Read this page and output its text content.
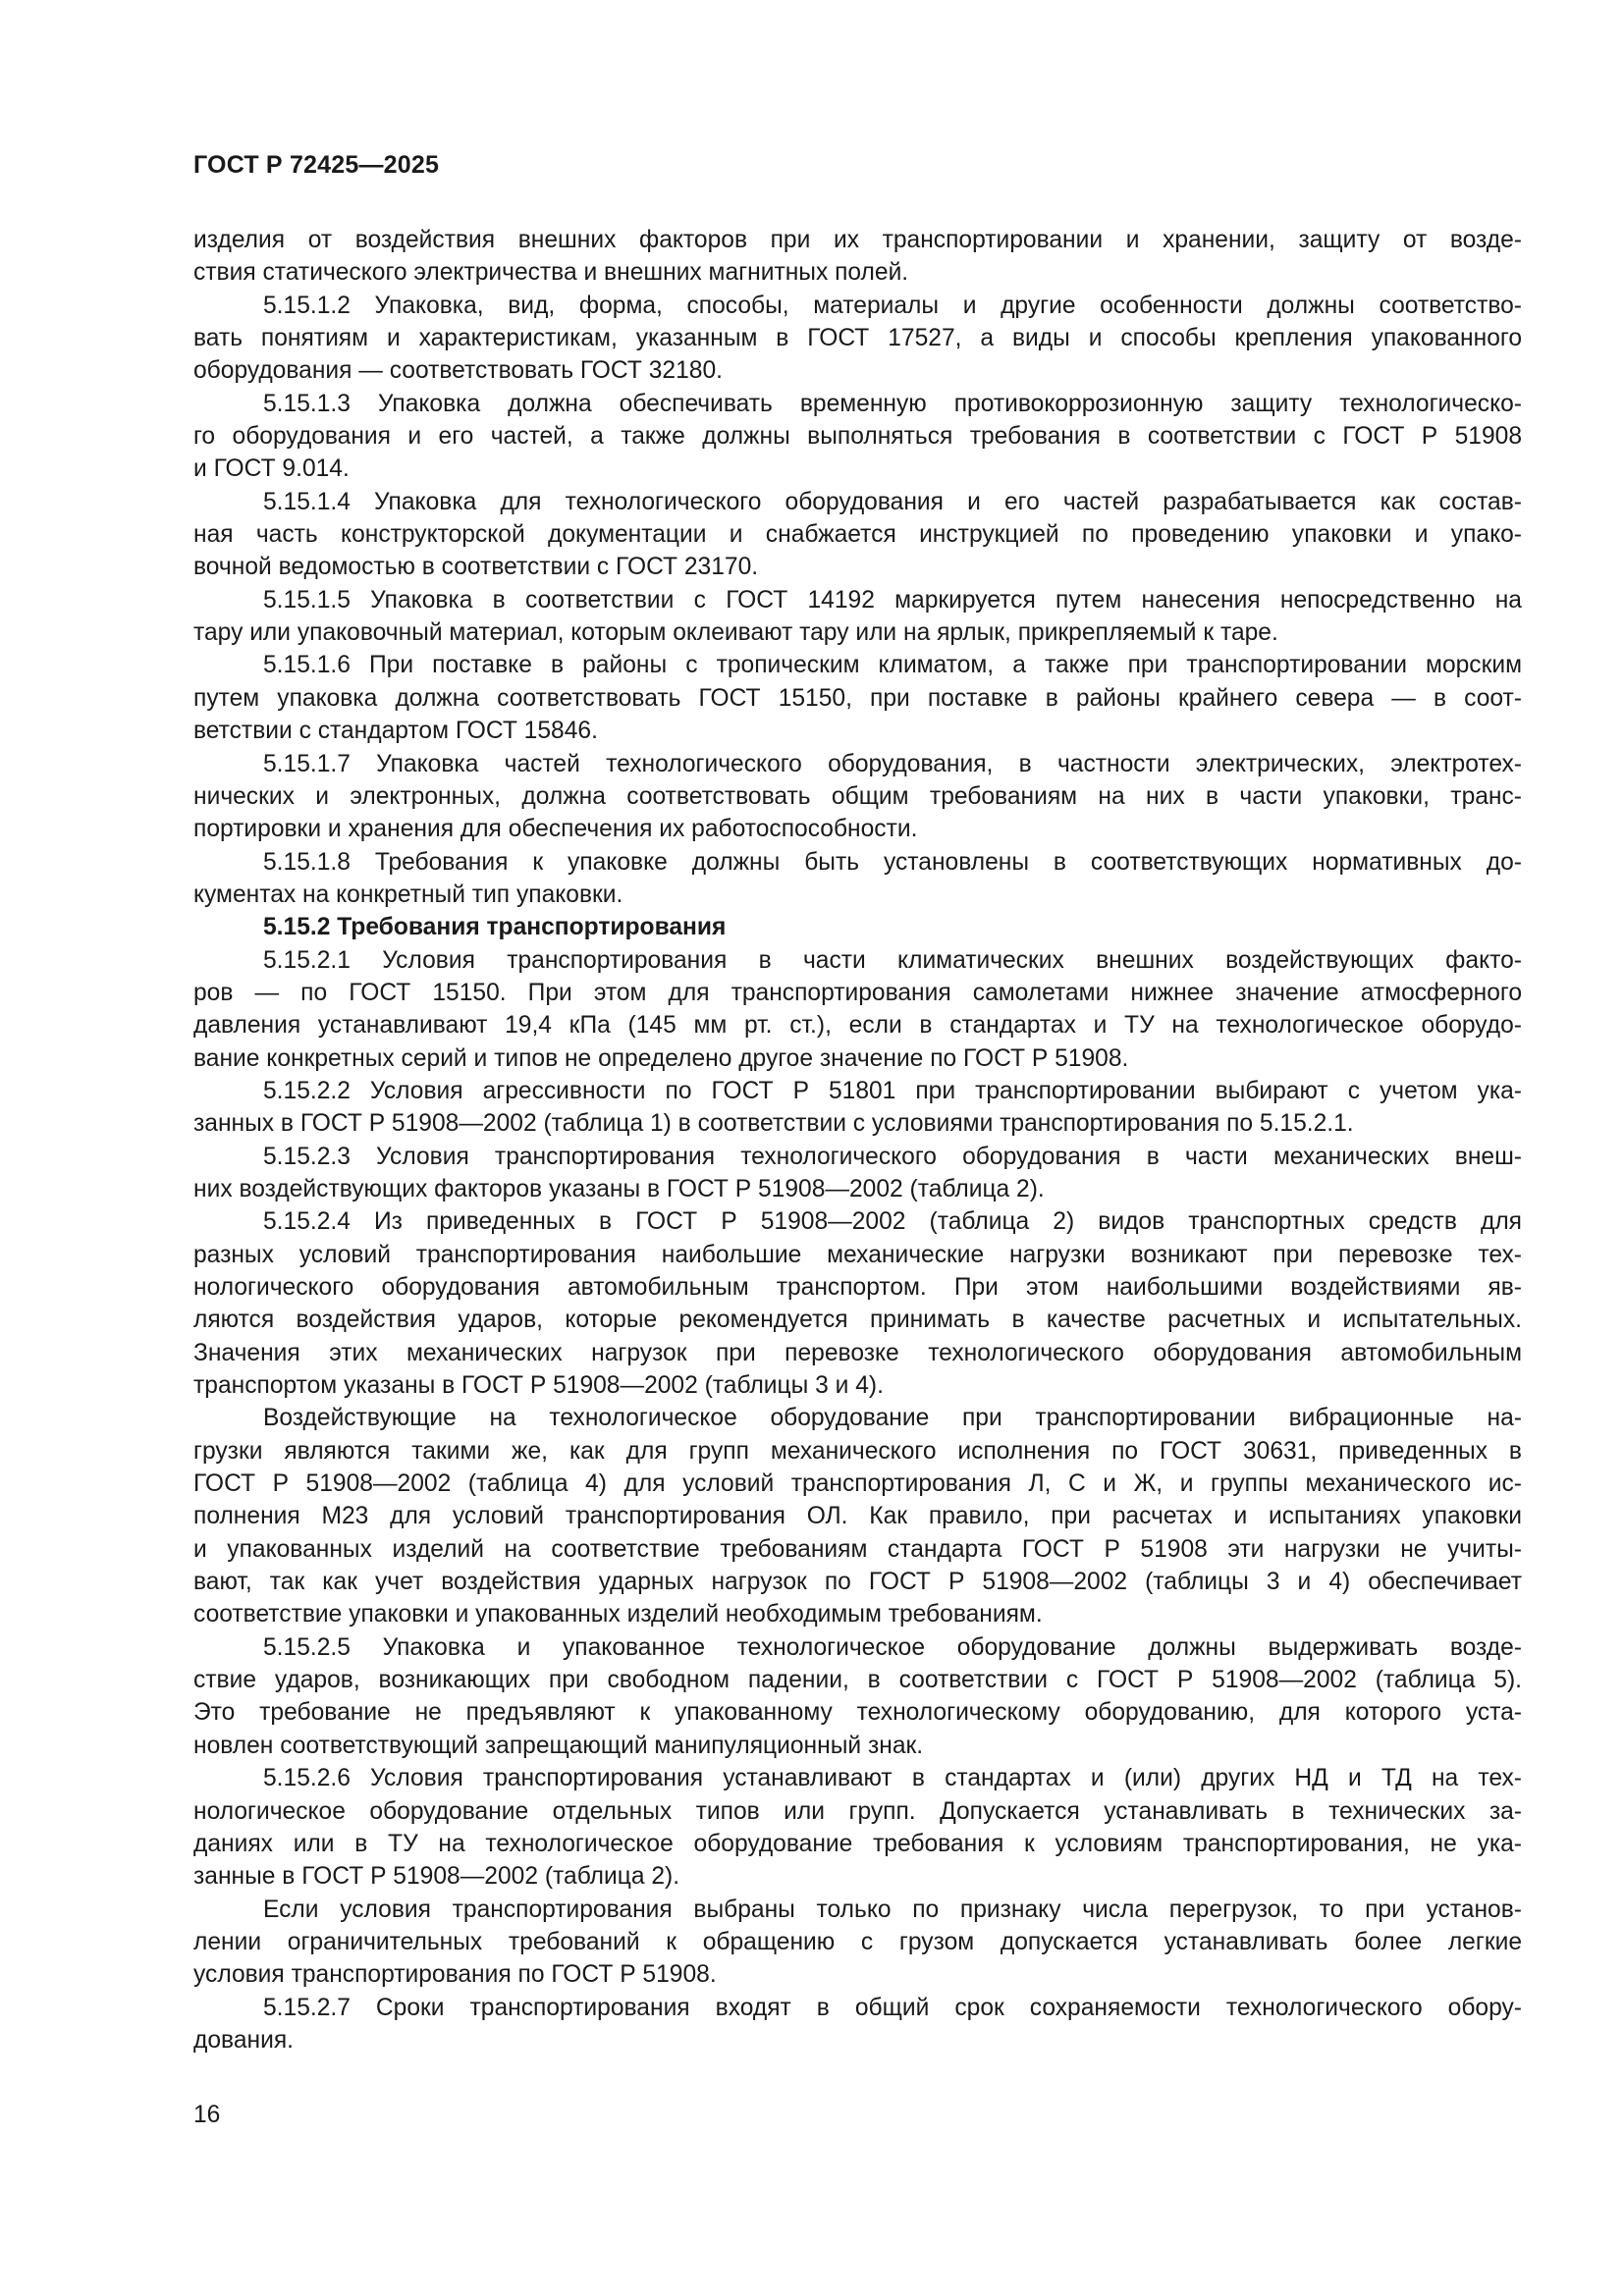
ГОСТ Р 72425—2025
изделия от воздействия внешних факторов при их транспортировании и хранении, защиту от возде-
ствия статического электричества и внешних магнитных полей.
5.15.1.2 Упаковка, вид, форма, способы, материалы и другие особенности должны соответство-
вать понятиям и характеристикам, указанным в ГОСТ 17527, а виды и способы крепления упакованного
оборудования — соответствовать ГОСТ 32180.
5.15.1.3 Упаковка должна обеспечивать временную противокоррозионную защиту технологическо-
го оборудования и его частей, а также должны выполняться требования в соответствии с ГОСТ Р 51908
и ГОСТ 9.014.
5.15.1.4 Упаковка для технологического оборудования и его частей разрабатывается как состав-
ная часть конструкторской документации и снабжается инструкцией по проведению упаковки и упако-
вочной ведомостью в соответствии с ГОСТ 23170.
5.15.1.5 Упаковка в соответствии с ГОСТ 14192 маркируется путем нанесения непосредственно на
тару или упаковочный материал, которым оклеивают тару или на ярлык, прикрепляемый к таре.
5.15.1.6 При поставке в районы с тропическим климатом, а также при транспортировании морским
путем упаковка должна соответствовать ГОСТ 15150, при поставке в районы крайнего севера — в соот-
ветствии с стандартом ГОСТ 15846.
5.15.1.7 Упаковка частей технологического оборудования, в частности электрических, электротех-
нических и электронных, должна соответствовать общим требованиям на них в части упаковки, транс-
портировки и хранения для обеспечения их работоспособности.
5.15.1.8 Требования к упаковке должны быть установлены в соответствующих нормативных до-
кументах на конкретный тип упаковки.
5.15.2 Требования транспортирования
5.15.2.1 Условия транспортирования в части климатических внешних воздействующих факто-
ров — по ГОСТ 15150. При этом для транспортирования самолетами нижнее значение атмосферного
давления устанавливают 19,4 кПа (145 мм рт. ст.), если в стандартах и ТУ на технологическое оборудо-
вание конкретных серий и типов не определено другое значение по ГОСТ Р 51908.
5.15.2.2 Условия агрессивности по ГОСТ Р 51801 при транспортировании выбирают с учетом ука-
занных в ГОСТ Р 51908—2002 (таблица 1) в соответствии с условиями транспортирования по 5.15.2.1.
5.15.2.3 Условия транспортирования технологического оборудования в части механических внеш-
них воздействующих факторов указаны в ГОСТ Р 51908—2002 (таблица 2).
5.15.2.4 Из приведенных в ГОСТ Р 51908—2002 (таблица 2) видов транспортных средств для
разных условий транспортирования наибольшие механические нагрузки возникают при перевозке тех-
нологического оборудования автомобильным транспортом. При этом наибольшими воздействиями яв-
ляются воздействия ударов, которые рекомендуется принимать в качестве расчетных и испытательных.
Значения этих механических нагрузок при перевозке технологического оборудования автомобильным
транспортом указаны в ГОСТ Р 51908—2002 (таблицы 3 и 4).
Воздействующие на технологическое оборудование при транспортировании вибрационные на-
грузки являются такими же, как для групп механического исполнения по ГОСТ 30631, приведенных в
ГОСТ Р 51908—2002 (таблица 4) для условий транспортирования Л, С и Ж, и группы механического ис-
полнения М23 для условий транспортирования ОЛ. Как правило, при расчетах и испытаниях упаковки
и упакованных изделий на соответствие требованиям стандарта ГОСТ Р 51908 эти нагрузки не учиты-
вают, так как учет воздействия ударных нагрузок по ГОСТ Р 51908—2002 (таблицы 3 и 4) обеспечивает
соответствие упаковки и упакованных изделий необходимым требованиям.
5.15.2.5 Упаковка и упакованное технологическое оборудование должны выдерживать возде-
ствие ударов, возникающих при свободном падении, в соответствии с ГОСТ Р 51908—2002 (таблица 5).
Это требование не предъявляют к упакованному технологическому оборудованию, для которого уста-
новлен соответствующий запрещающий манипуляционный знак.
5.15.2.6 Условия транспортирования устанавливают в стандартах и (или) других НД и ТД на тех-
нологическое оборудование отдельных типов или групп. Допускается устанавливать в технических за-
даниях или в ТУ на технологическое оборудование требования к условиям транспортирования, не ука-
занные в ГОСТ Р 51908—2002 (таблица 2).
Если условия транспортирования выбраны только по признаку числа перегрузок, то при установ-
лении ограничительных требований к обращению с грузом допускается устанавливать более легкие
условия транспортирования по ГОСТ Р 51908.
5.15.2.7 Сроки транспортирования входят в общий срок сохраняемости технологического обору-
дования.
16
